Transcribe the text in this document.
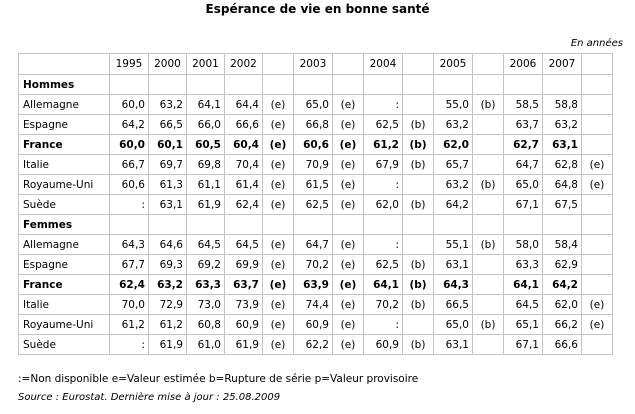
Espérance de vie en bonne santé
En années
	1995	2000	2001	2002		2003		2004		2005		2006	2007	
Hommes														
Allemagne	60,0	63,2	64,1	64,4	(e)	65,0	(e)	:		55,0	(b)	58,5	58,8	
Espagne	64,2	66,5	66,0	66,6	(e)	66,8	(e)	62,5	(b)	63,2		63,7	63,2	
France	60,0	60,1	60,5	60,4	(e)	60,6	(e)	61,2	(b)	62,0		62,7	63,1	
Italie	66,7	69,7	69,8	70,4	(e)	70,9	(e)	67,9	(b)	65,7		64,7	62,8	(e)
Royaume-Uni	60,6	61,3	61,1	61,4	(e)	61,5	(e)	:		63,2	(b)	65,0	64,8	(e)
Suède	:	63,1	61,9	62,4	(e)	62,5	(e)	62,0	(b)	64,2		67,1	67,5	
Femmes														
Allemagne	64,3	64,6	64,5	64,5	(e)	64,7	(e)	:		55,1	(b)	58,0	58,4	
Espagne	67,7	69,3	69,2	69,9	(e)	70,2	(e)	62,5	(b)	63,1		63,3	62,9	
France	62,4	63,2	63,3	63,7	(e)	63,9	(e)	64,1	(b)	64,3		64,1	64,2	
Italie	70,0	72,9	73,0	73,9	(e)	74,4	(e)	70,2	(b)	66,5		64,5	62,0	(e)
Royaume-Uni	61,2	61,2	60,8	60,9	(e)	60,9	(e)	:		65,0	(b)	65,1	66,2	(e)
Suède	:	61,9	61,0	61,9	(e)	62,2	(e)	60,9	(b)	63,1		67,1	66,6	
:=Non disponible e=Valeur estimée b=Rupture de série p=Valeur provisoire
Source : Eurostat. Dernière mise à jour : 25.08.2009
